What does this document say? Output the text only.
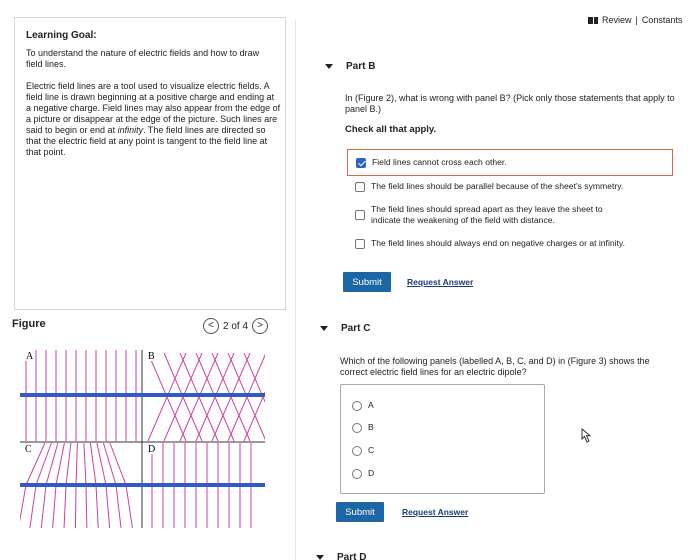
Learning Goal:
To understand the nature of electric fields and how to draw field lines.
Electric field lines are a tool used to visualize electric fields. A field line is drawn beginning at a positive charge and ending at a negative charge. Field lines may also appear from the edge of a picture or disappear at the edge of the picture. Such lines are said to begin or end at infinity. The field lines are directed so that the electric field at any point is tangent to the field line at that point.
Figure	< 2 of 4 >
A	B
C	D
Review | Constants
Part B
In (Figure 2), what is wrong with panel B? (Pick only those statements that apply to panel B.)
Check all that apply.
Field lines cannot cross each other.
The field lines should be parallel because of the sheet's symmetry.
The field lines should spread apart as they leave the sheet to
indicate the weakening of the field with distance.
The field lines should always end on negative charges or at infinity.
Submit	Request Answer
Part C
Which of the following panels (labelled A, B, C, and D) in (Figure 3) shows the correct electric field lines for an electric dipole?
A
B
C
D
Submit	Request Answer
Part D
